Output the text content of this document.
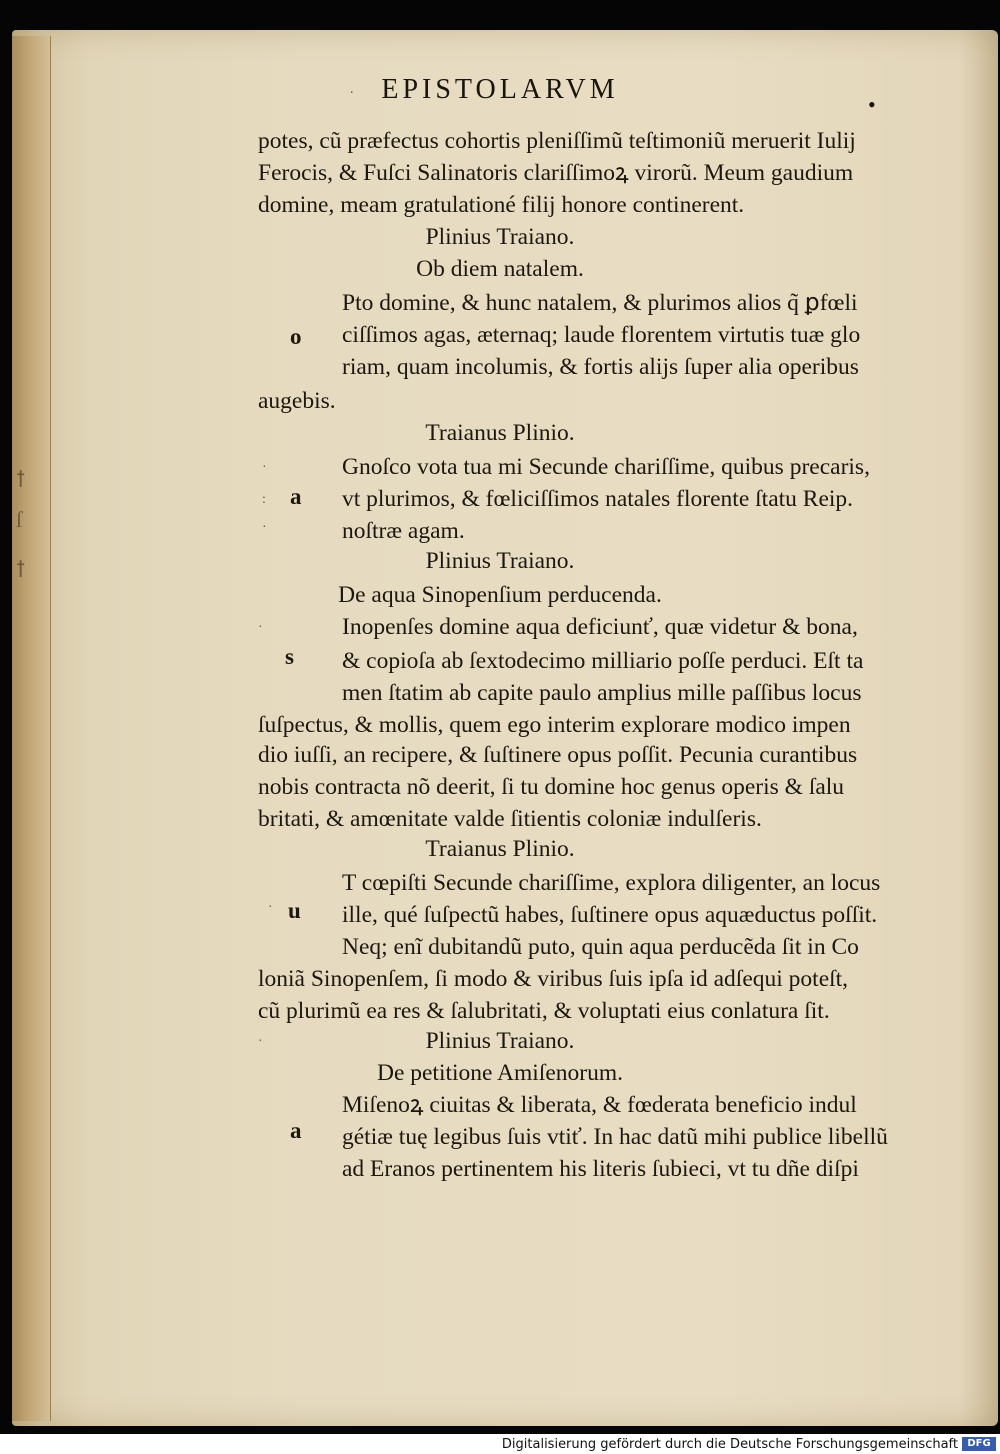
ꝉ
ſ
ꝉ
EPISTOLARVM
.
•
potes, cũ præfectus cohortis pleniſſimũ teſtimoniũ meruerit Iulij
Ferocis, & Fuſci Salinatoris clariſſimoꝝ virorũ. Meum gaudium
domine, meam gratulationé filij honore continerent.
Plinius Traiano.
Ob diem natalem.
Pto domine, & hunc natalem, & plurimos alios q̃ ꝑfœli
ciſſimos agas, æternaq; laude florentem virtutis tuæ glo
riam, quam incolumis, & fortis alijs ſuper alia operibus
augebis.
Traianus Plinio.
Gnoſco vota tua mi Secunde chariſſime, quibus precaris,
vt plurimos, & fœliciſſimos natales florente ſtatu Reip.
noſtræ agam.
Plinius Traiano.
De aqua Sinopenſium perducenda.
Inopenſes domine aqua deficiunť, quæ videtur & bona,
& copioſa ab ſextodecimo milliario poſſe perduci. Eſt ta
men ſtatim ab capite paulo amplius mille paſſibus locus
ſuſpectus, & mollis, quem ego interim explorare modico impen
dio iuſſi, an recipere, & ſuſtinere opus poſſit. Pecunia curantibus
nobis contracta nõ deerit, ſi tu domine hoc genus operis & ſalu
britati, & amœnitate valde ſitientis coloniæ indulſeris.
Traianus Plinio.
T cœpiſti Secunde chariſſime, explora diligenter, an locus
ille, qué ſuſpectũ habes, ſuſtinere opus aquæductus poſſit.
Neq; enĩ dubitandũ puto, quin aqua perducẽda ſit in Co
loniã Sinopenſem, ſi modo & viribus ſuis ipſa id adſequi poteſt,
cũ plurimũ ea res & ſalubritati, & voluptati eius conlatura ſit.
Plinius Traiano.
De petitione Amiſenorum.
Miſenoꝝ ciuitas & liberata, & fœderata beneficio indul
gétiæ tuę legibus ſuis vtiť. In hac datũ mihi publice libellũ
ad Eranos pertinentem his literis ſubieci, vt tu dñe diſpi
o
a
s
u
a
·
:
·
·
·
·
Digitalisierung gefördert durch die Deutsche Forschungsgemeinschaft DFG
